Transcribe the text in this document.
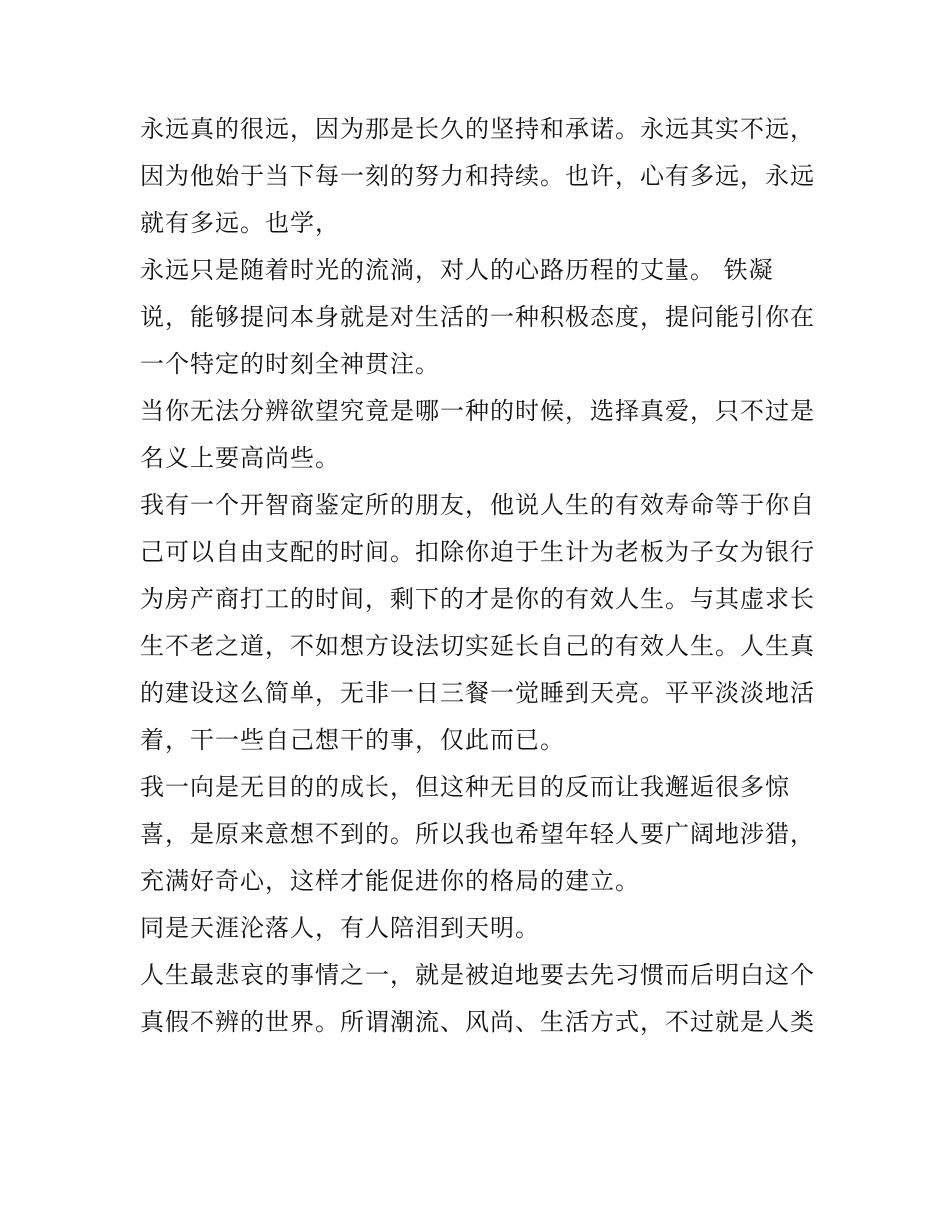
永远真的很远，因为那是长久的坚持和承诺。永远其实不远，
因为他始于当下每一刻的努力和持续。也许，心有多远，永远
就有多远。也学，
永远只是随着时光的流淌，对人的心路历程的丈量。 铁凝
说，能够提问本身就是对生活的一种积极态度，提问能引你在
一个特定的时刻全神贯注。
当你无法分辨欲望究竟是哪一种的时候，选择真爱，只不过是
名义上要高尚些。
我有一个开智商鉴定所的朋友，他说人生的有效寿命等于你自
己可以自由支配的时间。扣除你迫于生计为老板为子女为银行
为房产商打工的时间，剩下的才是你的有效人生。与其虚求长
生不老之道，不如想方设法切实延长自己的有效人生。人生真
的建设这么简单，无非一日三餐一觉睡到天亮。平平淡淡地活
着，干一些自己想干的事，仅此而已。
我一向是无目的的成长，但这种无目的反而让我邂逅很多惊
喜，是原来意想不到的。所以我也希望年轻人要广阔地涉猎，
充满好奇心，这样才能促进你的格局的建立。
同是天涯沦落人，有人陪泪到天明。
人生最悲哀的事情之一，就是被迫地要去先习惯而后明白这个
真假不辨的世界。所谓潮流、风尚、生活方式，不过就是人类
